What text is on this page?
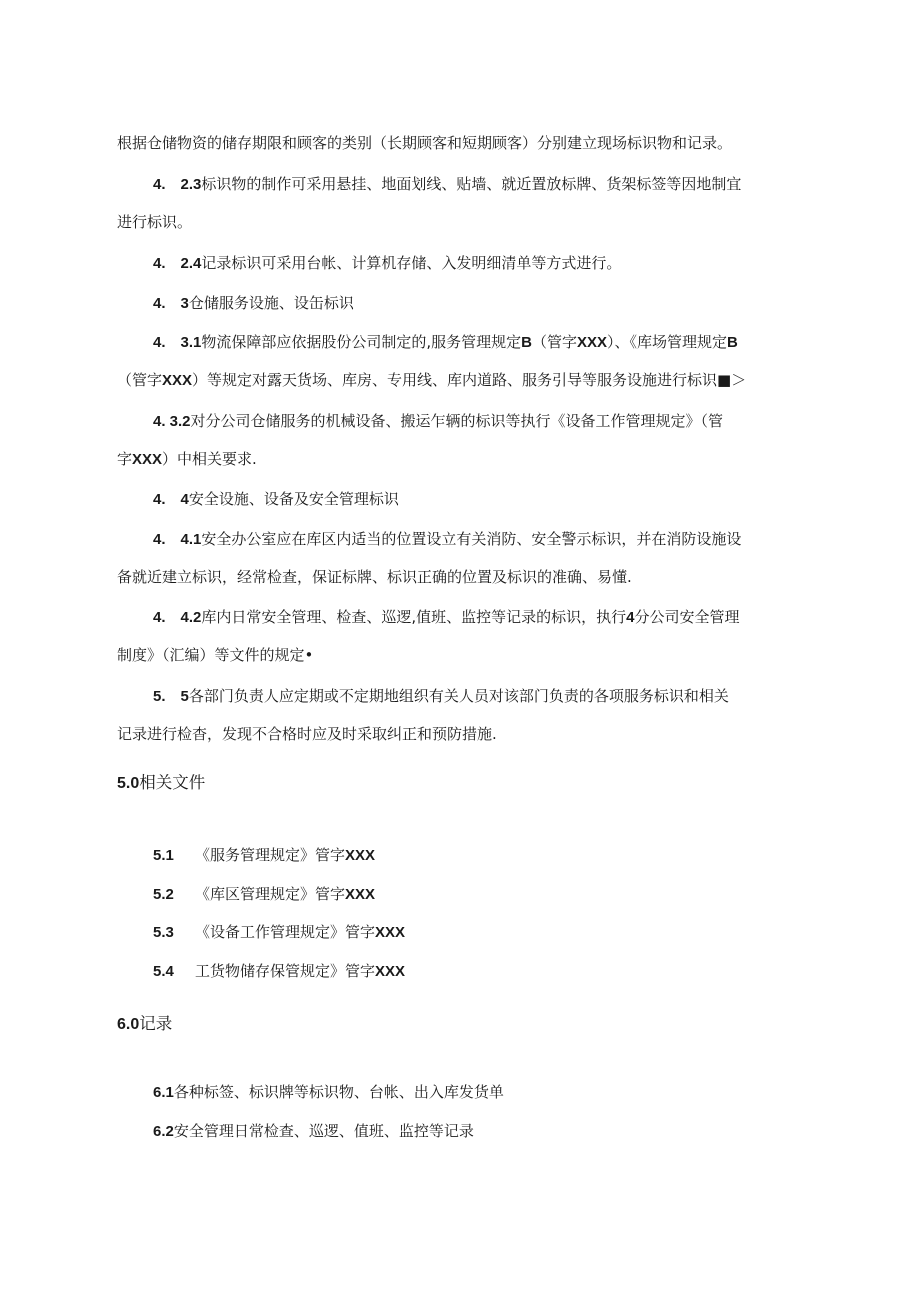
根据仓储物资的储存期限和顾客的类别（长期顾客和短期顾客）分别建立现场标识物和记录。
4.　2.3标识物的制作可采用悬挂、地面划线、贴墙、就近置放标牌、货架标签等因地制宜
进行标识。
4.　2.4记录标识可采用台帐、计算机存储、入发明细清单等方式进行。
4.　3仓储服务设施、设缶标识
4.　3.1物流保障部应依据股份公司制定的,服务管理规定B（管字XXX）、《库场管理规定B
（管字XXX）等规定对露天货场、库房、专用线、库内道路、服务引导等服务设施进行标识■＞
4. 3.2对分公司仓储服务的机械设备、搬运乍辆的标识等执行《设备工作管理规定》（管
字XXX）中相关要求.
4.　4安全设施、设备及安全管理标识
4.　4.1安全办公室应在库区内适当的位置设立有关消防、安全警示标识，并在消防设施设
备就近建立标识，经常检查，保证标牌、标识正确的位置及标识的准确、易懂.
4.　4.2库内日常安全管理、检查、巡逻,值班、监控等记录的标识，执行4分公司安全管理
制度》（汇编）等文件的规定•
5.　5各部门负责人应定期或不定期地组织有关人员对该部门负责的各项服务标识和相关
记录进行检杳，发现不合格时应及时采取纠正和预防措施.
5.0相关文件
5.1 《服务管理规定》管字XXX
5.2 《库区管理规定》管字XXX
5.3 《设备工作管理规定》管字XXX
5.4 工货物储存保管规定》管字XXX
6.0记录
6.1各种标签、标识牌等标识物、台帐、出入库发货单
6.2安全管理日常检查、巡逻、值班、监控等记录
